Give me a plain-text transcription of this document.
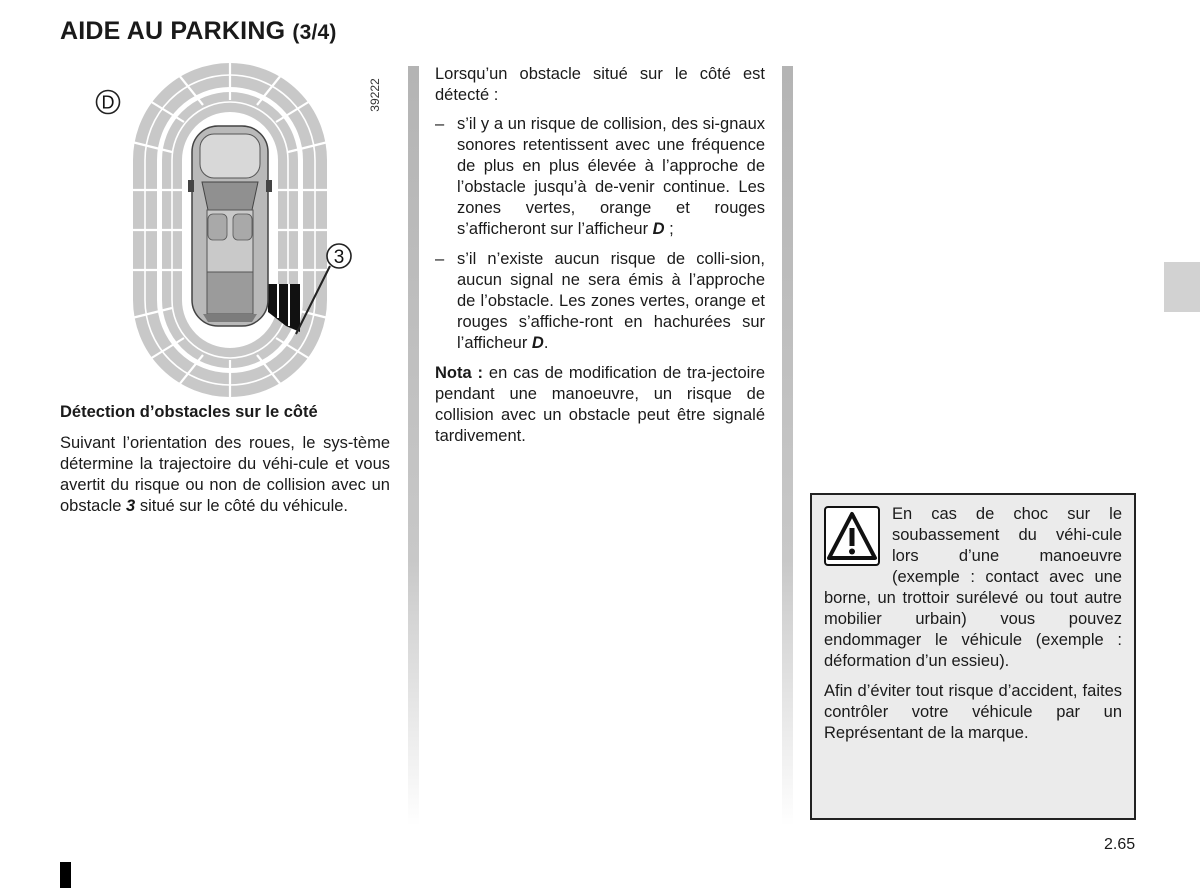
AIDE AU PARKING (3/4)
D
3
39222
Détection d’obstacles sur le côté

Suivant l’orientation des roues, le sys-tème détermine la trajectoire du véhi-cule et vous avertit du risque ou non de collision avec un obstacle 3 situé sur le côté du véhicule.

Lorsqu’un obstacle situé sur le côté est détecté :

– s’il y a un risque de collision, des si-gnaux sonores retentissent avec une fréquence de plus en plus élevée à l’approche de l’obstacle jusqu’à de-venir continue. Les zones vertes, orange et rouges s’afficheront sur l’afficheur D ;
– s’il n’existe aucun risque de colli-sion, aucun signal ne sera émis à l’approche de l’obstacle. Les zones vertes, orange et rouges s’affiche-ront en hachurées sur l’afficheur D.

Nota : en cas de modification de tra-jectoire pendant une manoeuvre, un risque de collision avec un obstacle peut être signalé tardivement.

En cas de choc sur le soubassement du véhi-cule lors d’une manoeuvre (exemple : contact avec une borne, un trottoir surélevé ou tout autre mobilier urbain) vous pouvez endommager le véhicule (exemple : déformation d’un essieu).

Afin d’éviter tout risque d’accident, faites contrôler votre véhicule par un Représentant de la marque.

2.65
